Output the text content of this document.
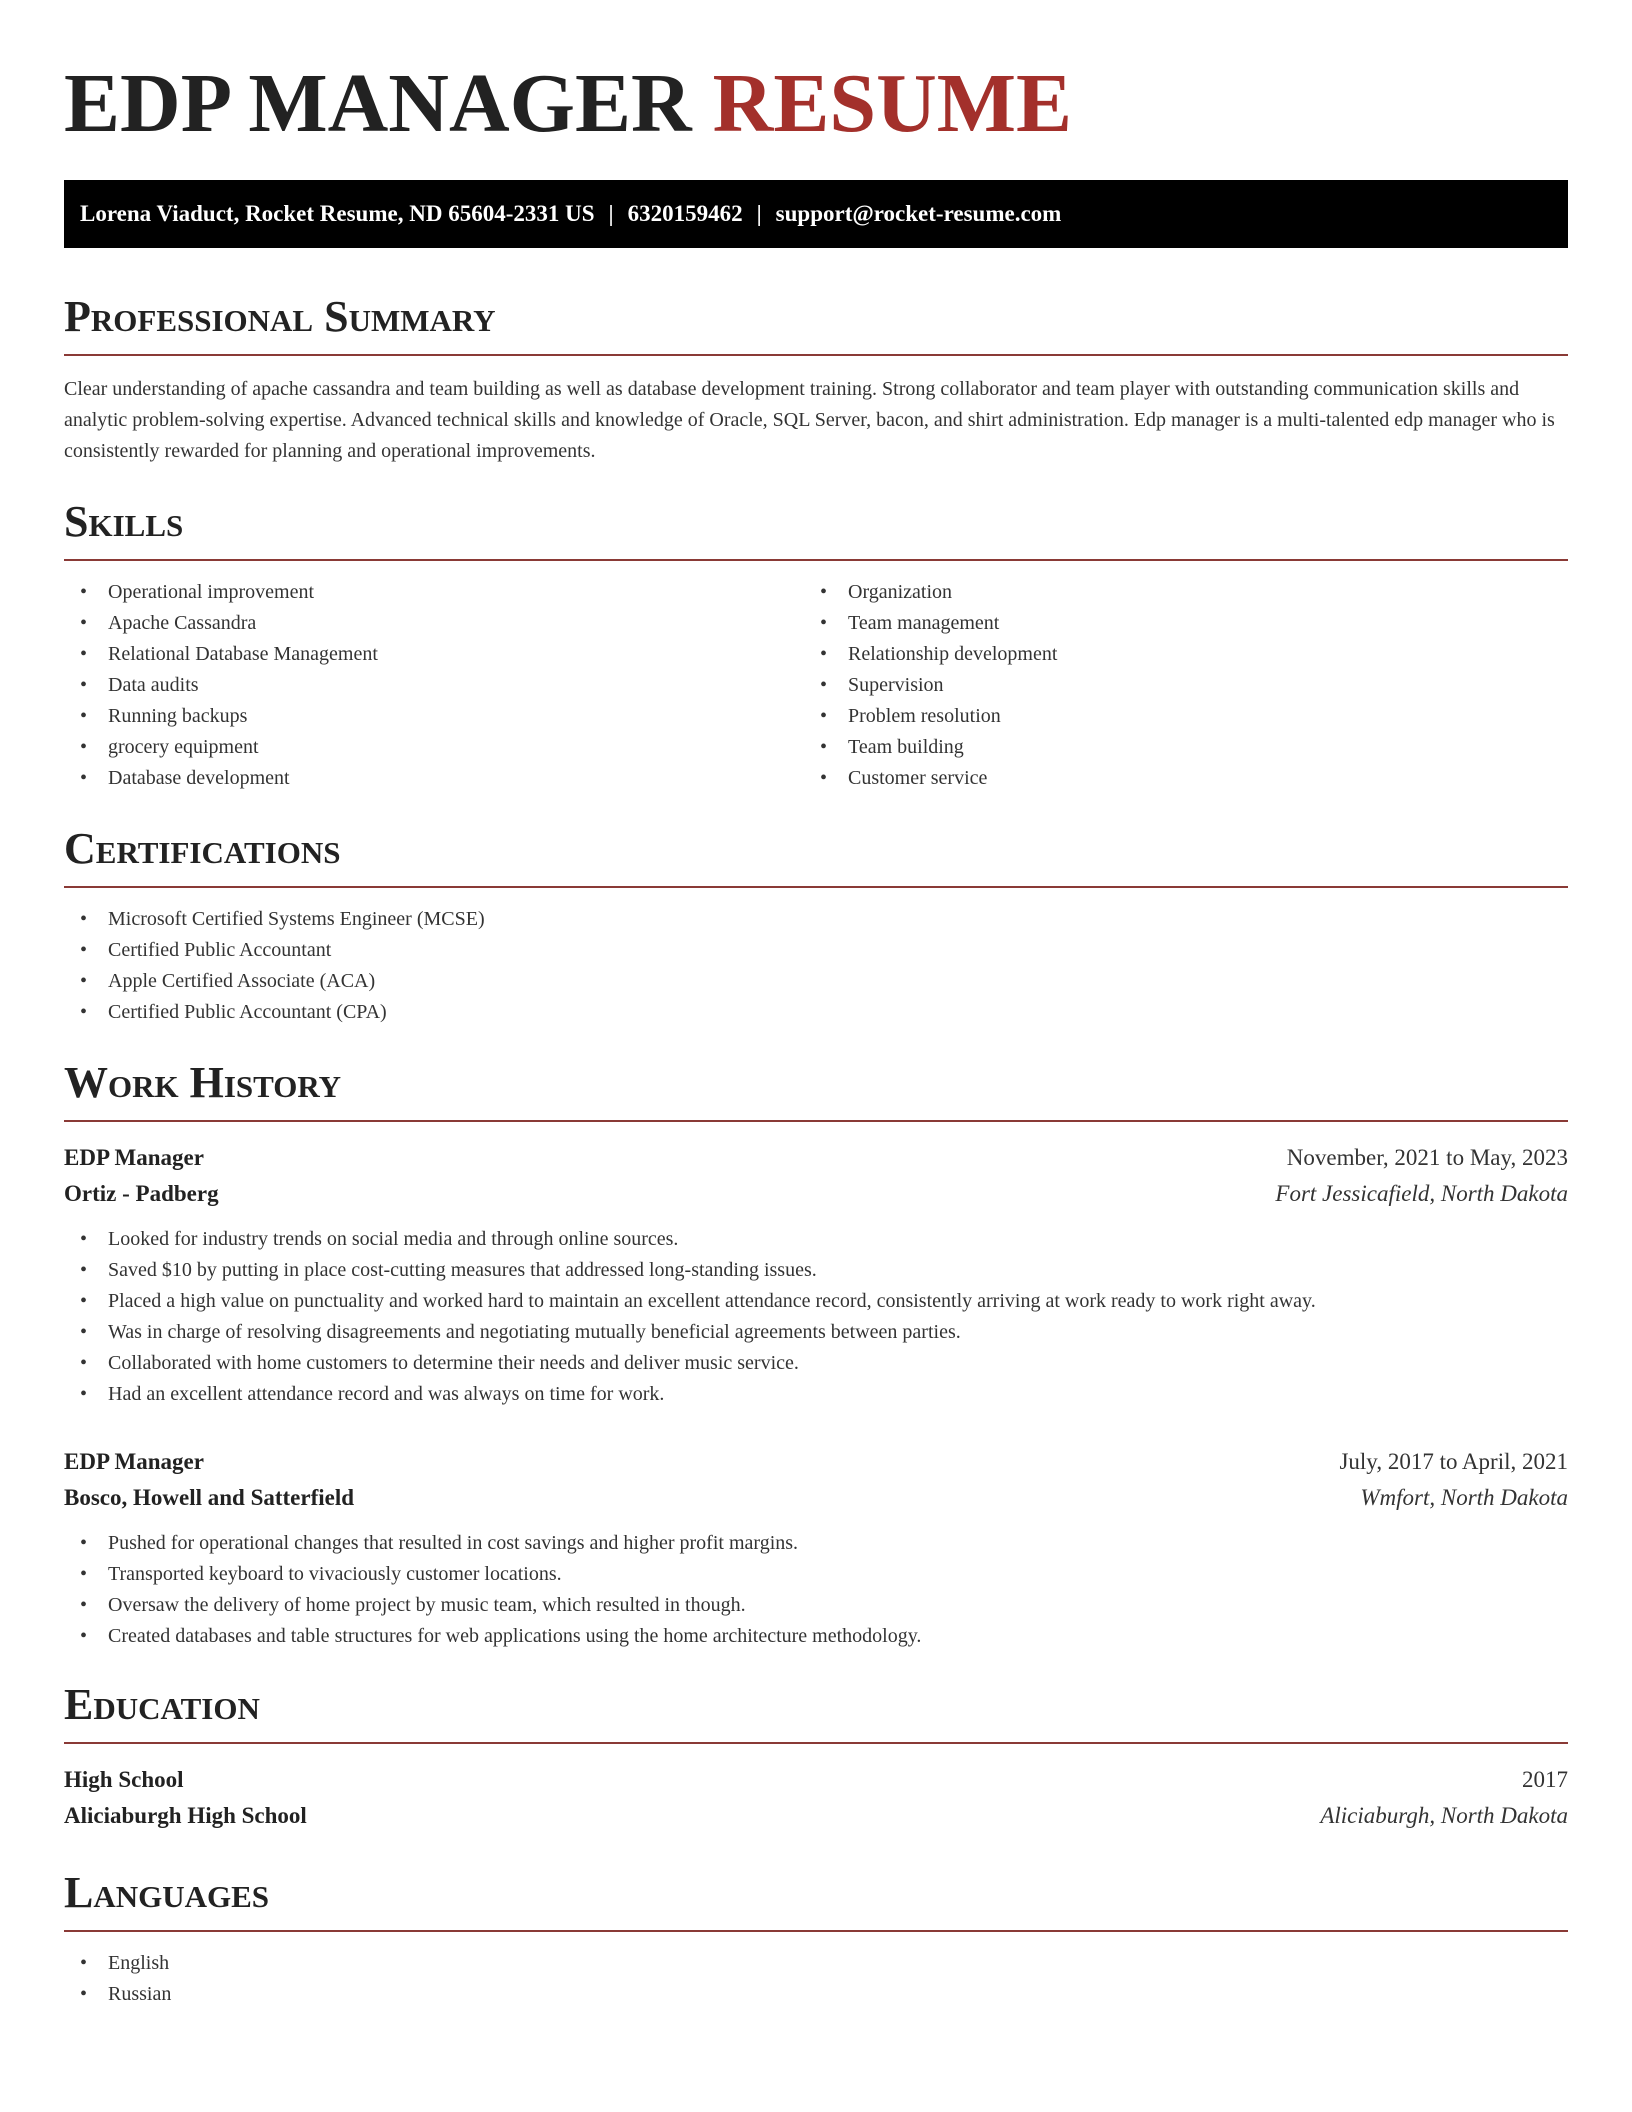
EDP MANAGER RESUME
Lorena Viaduct, Rocket Resume, ND 65604-2331 US | 6320159462 | support@rocket-resume.com
Professional Summary

Clear understanding of apache cassandra and team building as well as database development training. Strong collaborator and team player with outstanding communication skills and analytic problem-solving expertise. Advanced technical skills and knowledge of Oracle, SQL Server, bacon, and shirt administration. Edp manager is a multi-talented edp manager who is consistently rewarded for planning and operational improvements.

Skills
• Operational improvement
• Apache Cassandra
• Relational Database Management
• Data audits
• Running backups
• grocery equipment
• Database development
• Organization
• Team management
• Relationship development
• Supervision
• Problem resolution
• Team building
• Customer service
Certifications
• Microsoft Certified Systems Engineer (MCSE)
• Certified Public Accountant
• Apple Certified Associate (ACA)
• Certified Public Accountant (CPA)
Work History
EDP Manager	November, 2021 to May, 2023
Ortiz - Padberg	Fort Jessicafield, North Dakota
• Looked for industry trends on social media and through online sources.
• Saved $10 by putting in place cost-cutting measures that addressed long-standing issues.
• Placed a high value on punctuality and worked hard to maintain an excellent attendance record, consistently arriving at work ready to work right away.
• Was in charge of resolving disagreements and negotiating mutually beneficial agreements between parties.
• Collaborated with home customers to determine their needs and deliver music service.
• Had an excellent attendance record and was always on time for work.
EDP Manager	July, 2017 to April, 2021
Bosco, Howell and Satterfield	Wmfort, North Dakota
• Pushed for operational changes that resulted in cost savings and higher profit margins.
• Transported keyboard to vivaciously customer locations.
• Oversaw the delivery of home project by music team, which resulted in though.
• Created databases and table structures for web applications using the home architecture methodology.
Education
High School	2017
Aliciaburgh High School	Aliciaburgh, North Dakota
Languages
• English
• Russian
